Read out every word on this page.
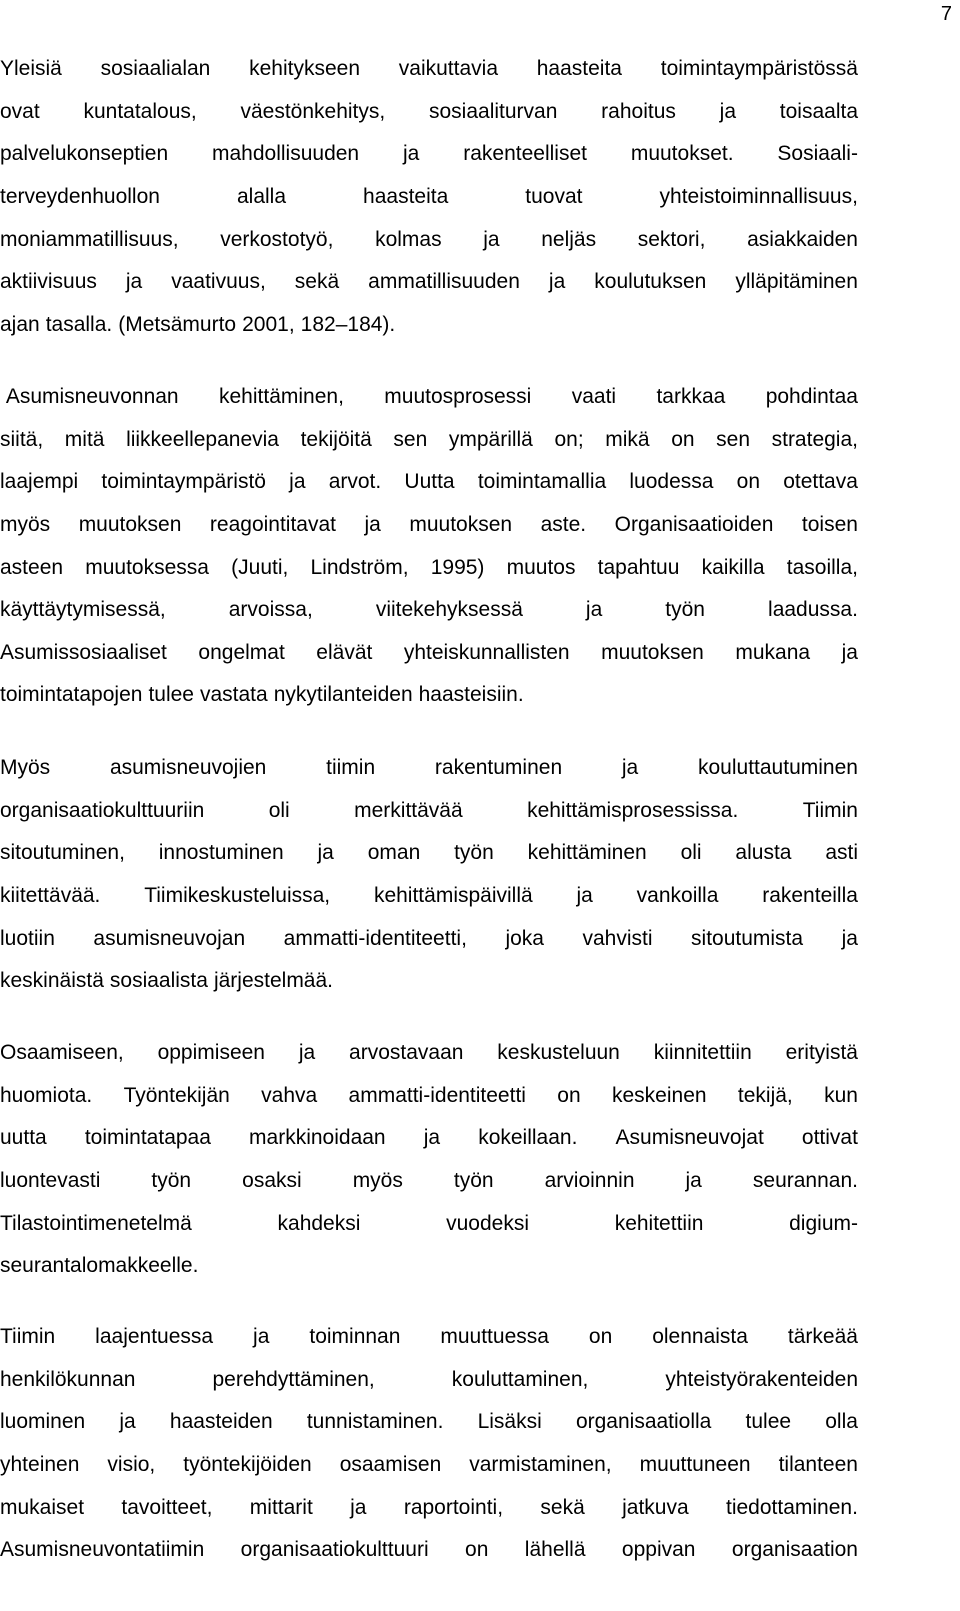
7
Yleisiä sosiaalialan kehitykseen vaikuttavia haasteita toimintaympäristössä
ovat kuntatalous, väestönkehitys, sosiaaliturvan rahoitus ja toisaalta
palvelukonseptien mahdollisuuden ja rakenteelliset muutokset. Sosiaali-
terveydenhuollon	alalla	haasteita	tuovat	yhteistoiminnallisuus,
moniammatillisuus, verkostotyö, kolmas ja neljäs sektori, asiakkaiden
aktiivisuus ja vaativuus, sekä ammatillisuuden ja koulutuksen ylläpitäminen
ajan tasalla. (Metsämurto 2001, 182–184).
Asumisneuvonnan kehittäminen, muutosprosessi vaati tarkkaa pohdintaa
siitä, mitä liikkeellepanevia tekijöitä sen ympärillä on; mikä on sen strategia,
laajempi toimintaympäristö ja arvot. Uutta toimintamallia luodessa on otettava
myös muutoksen reagointitavat ja muutoksen aste. Organisaatioiden toisen
asteen muutoksessa (Juuti, Lindström, 1995) muutos tapahtuu kaikilla tasoilla,
käyttäytymisessä,	arvoissa,	viitekehyksessä	ja	työn	laadussa.
Asumissosiaaliset ongelmat elävät yhteiskunnallisten muutoksen mukana ja
toimintatapojen tulee vastata nykytilanteiden haasteisiin.
Myös	asumisneuvojien	tiimin	rakentuminen	ja	kouluttautuminen
organisaatiokulttuuriin	oli	merkittävää	kehittämisprosessissa.	Tiimin
sitoutuminen, innostuminen ja oman työn kehittäminen oli alusta asti
kiitettävää. Tiimikeskusteluissa, kehittämispäivillä ja vankoilla rakenteilla
luotiin asumisneuvojan ammatti-identiteetti, joka vahvisti sitoutumista ja
keskinäistä sosiaalista järjestelmää.
Osaamiseen, oppimiseen ja arvostavaan keskusteluun kiinnitettiin erityistä
huomiota. Työntekijän vahva ammatti-identiteetti on keskeinen tekijä, kun
uutta toimintatapaa markkinoidaan ja kokeillaan. Asumisneuvojat ottivat
luontevasti työn osaksi myös työn arvioinnin ja seurannan.
Tilastointimenetelmä	kahdeksi	vuodeksi	kehitettiin	digium-
seurantalomakkeelle.
Tiimin laajentuessa ja toiminnan muuttuessa on olennaista tärkeää
henkilökunnan	perehdyttäminen,	kouluttaminen,	yhteistyörakenteiden
luominen ja haasteiden tunnistaminen. Lisäksi organisaatiolla tulee olla
yhteinen visio, työntekijöiden osaamisen varmistaminen, muuttuneen tilanteen
mukaiset tavoitteet, mittarit ja raportointi, sekä jatkuva tiedottaminen.
Asumisneuvontatiimin organisaatiokulttuuri on lähellä oppivan organisaation
